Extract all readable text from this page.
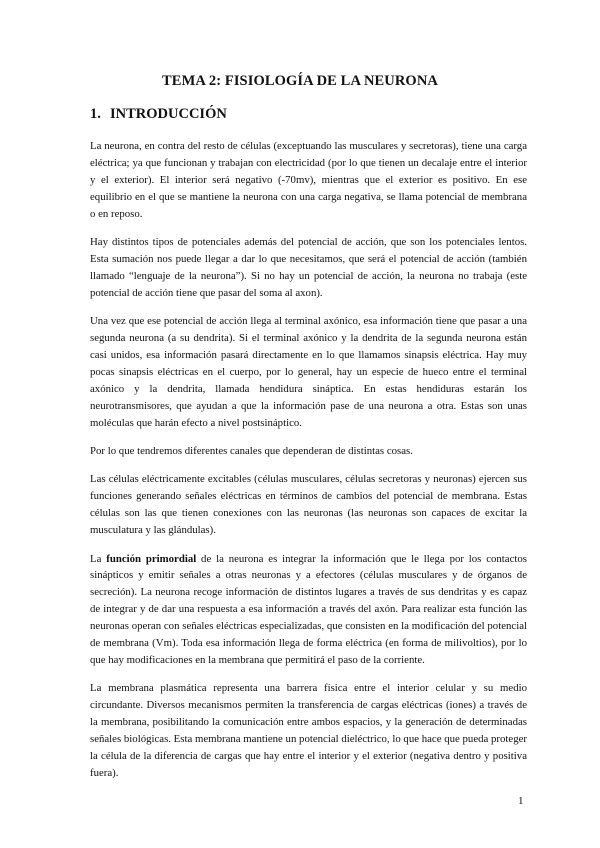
TEMA 2: FISIOLOGÍA DE LA NEURONA
1. INTRODUCCIÓN

La neurona, en contra del resto de células (exceptuando las musculares y secretoras), tiene una carga eléctrica; ya que funcionan y trabajan con electricidad (por lo que tienen un decalaje entre el interior y el exterior). El interior será negativo (-70mv), mientras que el exterior es positivo. En ese equilibrio en el que se mantiene la neurona con una carga negativa, se llama potencial de membrana o en reposo.

Hay distintos tipos de potenciales además del potencial de acción, que son los potenciales lentos. Esta sumación nos puede llegar a dar lo que necesitamos, que será el potencial de acción (también llamado “lenguaje de la neurona”). Si no hay un potencial de acción, la neurona no trabaja (este potencial de acción tiene que pasar del soma al axon).

Una vez que ese potencial de acción llega al terminal axónico, esa información tiene que pasar a una segunda neurona (a su dendrita). Si el terminal axónico y la dendrita de la segunda neurona están casi unidos, esa información pasará directamente en lo que llamamos sinapsis eléctrica. Hay muy pocas sinapsis eléctricas en el cuerpo, por lo general, hay un especie de hueco entre el terminal axónico y la dendrita, llamada hendidura sináptica. En estas hendiduras estarán los neurotransmisores, que ayudan a que la información pase de una neurona a otra. Estas son unas moléculas que harán efecto a nivel postsináptico.

Por lo que tendremos diferentes canales que dependeran de distintas cosas.

Las células eléctricamente excitables (células musculares, células secretoras y neuronas) ejercen sus funciones generando señales eléctricas en términos de cambios del potencial de membrana. Estas células son las que tienen conexiones con las neuronas (las neuronas son capaces de excitar la musculatura y las glándulas).

La función primordial de la neurona es integrar la información que le llega por los contactos sinápticos y emitir señales a otras neuronas y a efectores (células musculares y de órganos de secreción). La neurona recoge información de distintos lugares a través de sus dendritas y es capaz de integrar y de dar una respuesta a esa información a través del axón. Para realizar esta función las neuronas operan con señales eléctricas especializadas, que consisten en la modificación del potencial de membrana (Vm). Toda esa información llega de forma eléctrica (en forma de milivoltios), por lo que hay modificaciones en la membrana que permitirá el paso de la corriente.

La membrana plasmática representa una barrera física entre el interior celular y su medio circundante. Diversos mecanismos permiten la transferencia de cargas eléctricas (iones) a través de la membrana, posibilitando la comunicación entre ambos espacios, y la generación de determinadas señales biológicas. Esta membrana mantiene un potencial dieléctrico, lo que hace que pueda proteger la célula de la diferencia de cargas que hay entre el interior y el exterior (negativa dentro y positiva fuera).

1
